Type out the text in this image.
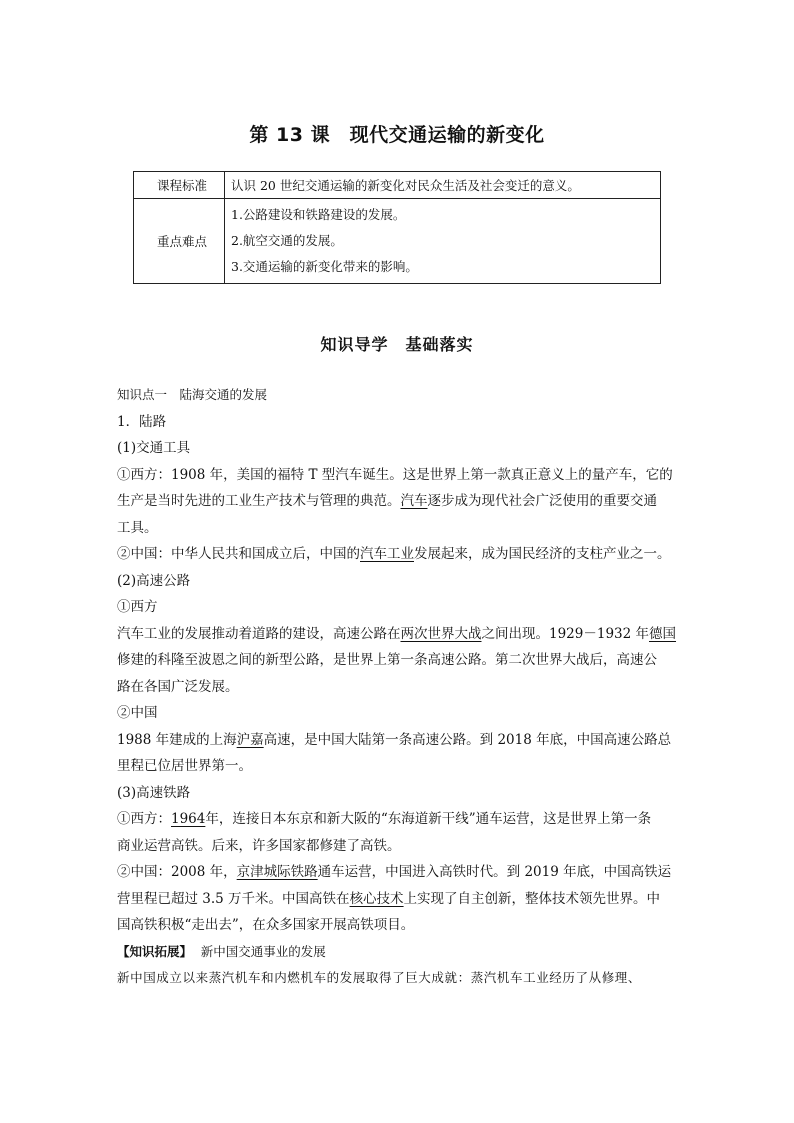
第 13 课　现代交通运输的新变化
课程标准	认识 20 世纪交通运输的新变化对民众生活及社会变迁的意义。
重点难点	1.公路建设和铁路建设的发展。
2.航空交通的发展。
3.交通运输的新变化带来的影响。
知识导学　基础落实
知识点一　陆海交通的发展
1．陆路
(1)交通工具
①西方：1908 年，美国的福特 T 型汽车诞生。这是世界上第一款真正意义上的量产车，它的
生产是当时先进的工业生产技术与管理的典范。汽车逐步成为现代社会广泛使用的重要交通
工具。
②中国：中华人民共和国成立后，中国的汽车工业发展起来，成为国民经济的支柱产业之一。
(2)高速公路
①西方
汽车工业的发展推动着道路的建设，高速公路在两次世界大战之间出现。1929－1932 年德国
修建的科隆至波恩之间的新型公路，是世界上第一条高速公路。第二次世界大战后，高速公
路在各国广泛发展。
②中国
1988 年建成的上海沪嘉高速，是中国大陆第一条高速公路。到 2018 年底，中国高速公路总
里程已位居世界第一。
(3)高速铁路
①西方：1964年，连接日本东京和新大阪的“东海道新干线”通车运营，这是世界上第一条
商业运营高铁。后来，许多国家都修建了高铁。
②中国：2008 年，京津城际铁路通车运营，中国进入高铁时代。到 2019 年底，中国高铁运
营里程已超过 3.5 万千米。中国高铁在核心技术上实现了自主创新，整体技术领先世界。中
国高铁积极“走出去”，在众多国家开展高铁项目。
【知识拓展】 新中国交通事业的发展
新中国成立以来蒸汽机车和内燃机车的发展取得了巨大成就：蒸汽机车工业经历了从修理、
